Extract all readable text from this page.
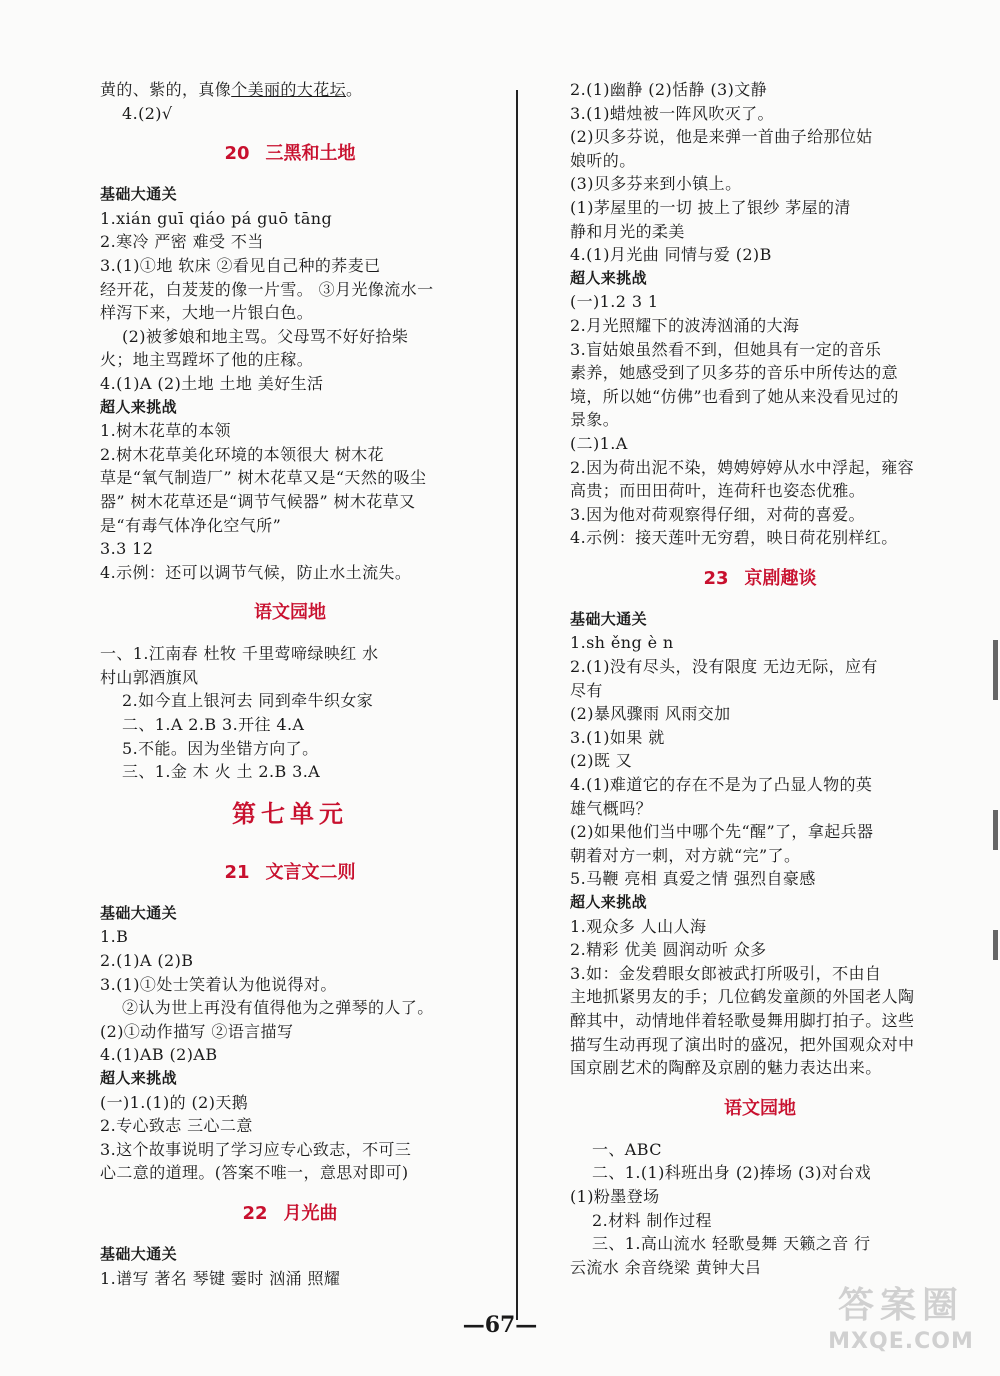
黄的、紫的，真像个美丽的大花坛。
4.(2)√
20 三黑和土地
基础大通关
1.xián guī qiáo pá guō tāng
2.寒冷 严密 难受 不当
3.(1)①地 软床 ②看见自己种的荞麦已
经开花，白茇茇的像一片雪。 ③月光像流水一
样泻下来，大地一片银白色。
(2)被爹娘和地主骂。父母骂不好好拾柴
火；地主骂蹚坏了他的庄稼。
4.(1)A (2)土地 土地 美好生活
超人来挑战
1.树木花草的本领
2.树木花草美化环境的本领很大 树木花
草是“氧气制造厂” 树木花草又是“天然的吸尘
器” 树木花草还是“调节气候器” 树木花草又
是“有毒气体净化空气所”
3.3 12
4.示例：还可以调节气候，防止水土流失。
语文园地
一、1.江南春 杜牧 千里莺啼绿映红 水
村山郭酒旗风
2.如今直上银河去 同到牵牛织女家
二、1.A 2.B 3.开往 4.A
5.不能。因为坐错方向了。
三、1.金 木 火 土 2.B 3.A
第七单元
21 文言文二则
基础大通关
1.B
2.(1)A (2)B
3.(1)①处士笑着认为他说得对。
②认为世上再没有值得他为之弹琴的人了。
(2)①动作描写 ②语言描写
4.(1)AB (2)AB
超人来挑战
(一)1.(1)的 (2)天鹅
2.专心致志 三心二意
3.这个故事说明了学习应专心致志，不可三
心二意的道理。(答案不唯一，意思对即可)
22 月光曲
基础大通关
1.谱写 著名 琴键 霎时 汹涌 照耀
2.(1)幽静 (2)恬静 (3)文静
3.(1)蜡烛被一阵风吹灭了。
(2)贝多芬说，他是来弹一首曲子给那位姑
娘听的。
(3)贝多芬来到小镇上。
(1)茅屋里的一切 披上了银纱 茅屋的清
静和月光的柔美
4.(1)月光曲 同情与爱 (2)B
超人来挑战
(一)1.2 3 1
2.月光照耀下的波涛汹涌的大海
3.盲姑娘虽然看不到，但她具有一定的音乐
素养，她感受到了贝多芬的音乐中所传达的意
境，所以她“仿佛”也看到了她从来没看见过的
景象。
(二)1.A
2.因为荷出泥不染，娉娉婷婷从水中浮起，雍容
高贵；而田田荷叶，连荷秆也姿态优雅。
3.因为他对荷观察得仔细，对荷的喜爱。
4.示例：接天莲叶无穷碧，映日荷花别样红。
23 京剧趣谈
基础大通关
1.sh ěng è n
2.(1)没有尽头，没有限度 无边无际，应有
尽有
(2)暴风骤雨 风雨交加
3.(1)如果 就
(2)既 又
4.(1)难道它的存在不是为了凸显人物的英
雄气概吗？
(2)如果他们当中哪个先“醒”了，拿起兵器
朝着对方一刺，对方就“完”了。
5.马鞭 亮相 真爱之情 强烈自豪感
超人来挑战
1.观众多 人山人海
2.精彩 优美 圆润动听 众多
3.如：金发碧眼女郎被武打所吸引，不由自
主地抓紧男友的手；几位鹤发童颜的外国老人陶
醉其中，动情地伴着轻歌曼舞用脚打拍子。这些
描写生动再现了演出时的盛况，把外国观众对中
国京剧艺术的陶醉及京剧的魅力表达出来。
语文园地
一、ABC
二、1.(1)科班出身 (2)捧场 (3)对台戏
(1)粉墨登场
2.材料 制作过程
三、1.高山流水 轻歌曼舞 天籁之音 行
云流水 余音绕梁 黄钟大吕
—67—	答案圈
MXQE.COM
